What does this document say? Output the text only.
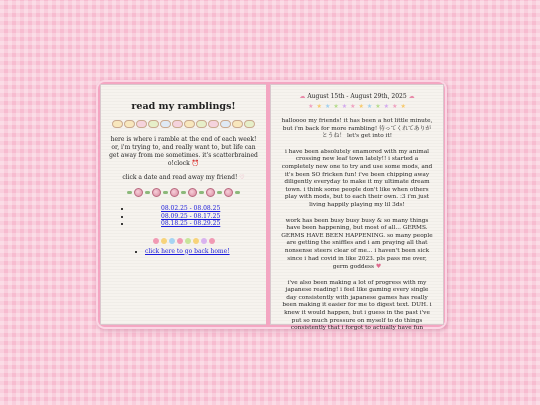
read my ramblings!

here is where i ramble at the end of each week! or, i'm trying to, and really want to, but life can get away from me sometimes. it's scatterbrained o!clock ⏰

click a date and read away my friend! ♡

• 08.02.25 - 08.08.25
• 08.09.25 - 08.17.25
• 08.18.25 - 08.29.25
• click here to go back home!
☁ August 15th - August 29th, 2025 ☁
★ ★ ★ ★ ★ ★ ★ ★ ★ ★ ★ ★

halloooo my friends! it has been a hot little minute, but i'm back for more rambling! 待ってくれてありがとうね！ let's get into it!

i have been absolutely enamored with my animal crossing new leaf town lately!! i started a completely new one to try and use some mods, and it's been SO fricken fun! i've been chipping away diligently everyday to make it my ultimate dream town. i think some people don't like when others play with mods, but to each their own. :3 i'm just living happily playing my lil 3ds!

work has been busy busy busy & so many things have been happening, but most of all... GERMS. GERMS HAVE BEEN HAPPENING. so many people are getting the sniffles and i am praying all that nonsense steers clear of me... i haven't been sick since i had covid in like 2023. pls pass me over, germ goddess ♥

i've also been making a lot of progress with my japanese reading! i feel like gaming every single day consistently with japanese games has really been making it easier for me to digest text. DUH. i knew it would happen, but i guess in the past i've put so much pressure on myself to do things consistently that i forgot to actually have fun
